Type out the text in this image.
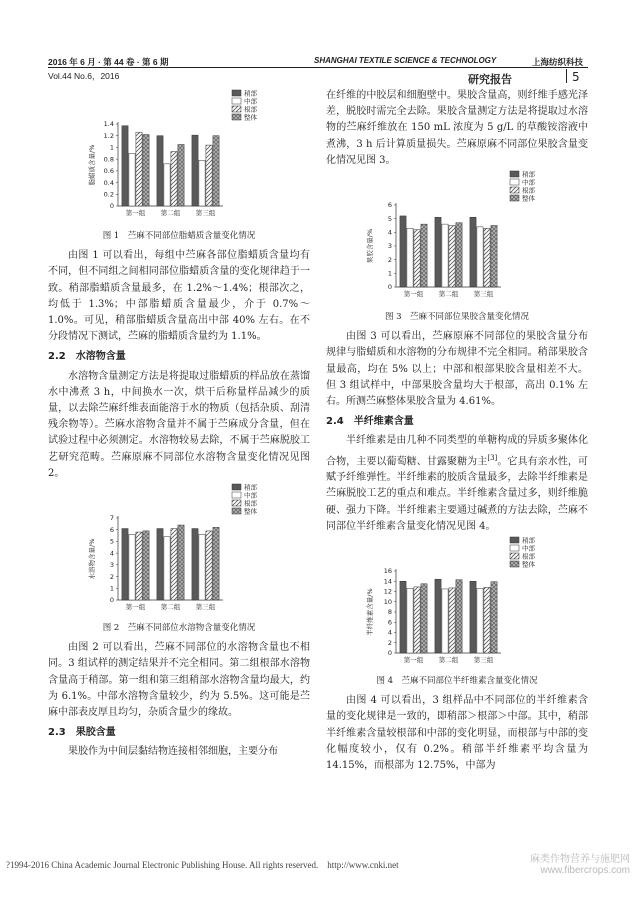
2016 年 6 月 · 第 44 卷 · 第 6 期
Vol.44 No.6，2016
SHANGHAI TEXTILE SCIENCE & TECHNOLOGY	上海纺织科技
研究报告	5
稍部
中部
根部
整体
0
0.2
0.4
0.6
0.8
1
1.2
1.4
脂蜡质含量/%
第一组 第二组 第三组
图 1　苎麻不同部位脂蜡质含量变化情况

由图 1 可以看出，每组中苎麻各部位脂蜡质含量均有不同，但不同组之间相同部位脂蜡质含量的变化规律趋于一致。稍部脂蜡质含量最多，在 1.2%～1.4%；根部次之，均低于 1.3%；中部脂蜡质含量最少，介于 0.7%～1.0%。可见，稍部脂蜡质含量高出中部 40% 左右。在不分段情况下测试，苎麻的脂蜡质含量约为 1.1%。

2.2　水溶物含量

水溶物含量测定方法是将提取过脂蜡质的样品放在蒸馏水中沸煮 3 h，中间换水一次，烘干后称量样品减少的质量，以去除苎麻纤维表面能溶于水的物质（包括杂质、刮清残余物等）。苎麻水溶物含量并不属于苎麻成分含量，但在试验过程中必须测定。水溶物较易去除，不属于苎麻脱胶工艺研究范畴。苎麻原麻不同部位水溶物含量变化情况见图 2。

稍部
中部
根部
整体
0
1
2
3
4
5
6
7
水溶物含量/%
第一组 第二组 第三组
图 2　苎麻不同部位水溶物含量变化情况

由图 2 可以看出，苎麻不同部位的水溶物含量也不相同。3 组试样的测定结果并不完全相同。第二组根部水溶物含量高于稍部。第一组和第三组稍部水溶物含量均最大，约为 6.1%。中部水溶物含量较少，约为 5.5%。这可能是苎麻中部表皮厚且均匀，杂质含量少的缘故。

2.3　果胶含量

果胶作为中间层黏结物连接相邻细胞，主要分布

在纤维的中胶层和细胞壁中。果胶含量高，则纤维手感光泽差，脱胶时需完全去除。果胶含量测定方法是将提取过水溶物的苎麻纤维放在 150 mL 浓度为 5 g/L 的草酸铵溶液中煮沸，3 h 后计算质量损失。苎麻原麻不同部位果胶含量变化情况见图 3。

稍部
中部
根部
整体
0
1
2
3
4
5
6
果胶含量/%
第一组 第二组 第三组
图 3　苎麻不同部位果胶含量变化情况

由图 3 可以看出，苎麻原麻不同部位的果胶含量分布规律与脂蜡质和水溶物的分布规律不完全相同。稍部果胶含量最高，均在 5% 以上；中部和根部果胶含量相差不大。但 3 组试样中，中部果胶含量均大于根部，高出 0.1% 左右。所测苎麻整体果胶含量为 4.61%。

2.4　半纤维素含量

半纤维素是由几种不同类型的单糖构成的异质多聚体化合物，主要以葡萄糖、甘露聚糖为主[3]。它具有亲水性，可赋予纤维弹性。半纤维素的胶质含量最多，去除半纤维素是苎麻脱胶工艺的重点和难点。半纤维素含量过多，则纤维脆硬、强力下降。半纤维素主要通过碱煮的方法去除，苎麻不同部位半纤维素含量变化情况见图 4。

稍部
中部
根部
整体
0
2
4
6
8
10
12
14
16
半纤维素含量/%
第一组 第二组 第三组
图 4　苎麻不同部位半纤维素含量变化情况

由图 4 可以看出，3 组样品中不同部位的半纤维素含量的变化规律是一致的，即稍部＞根部＞中部。其中，稍部半纤维素含量较根部和中部的变化明显，而根部与中部的变化幅度较小，仅有 0.2%。稍部半纤维素平均含量为 14.15%，而根部为 12.75%，中部为

?1994-2016 China Academic Journal Electronic Publishing House. All rights reserved.　http://www.cnki.net	麻类作物营养与施肥网
www.fibercrops.com
